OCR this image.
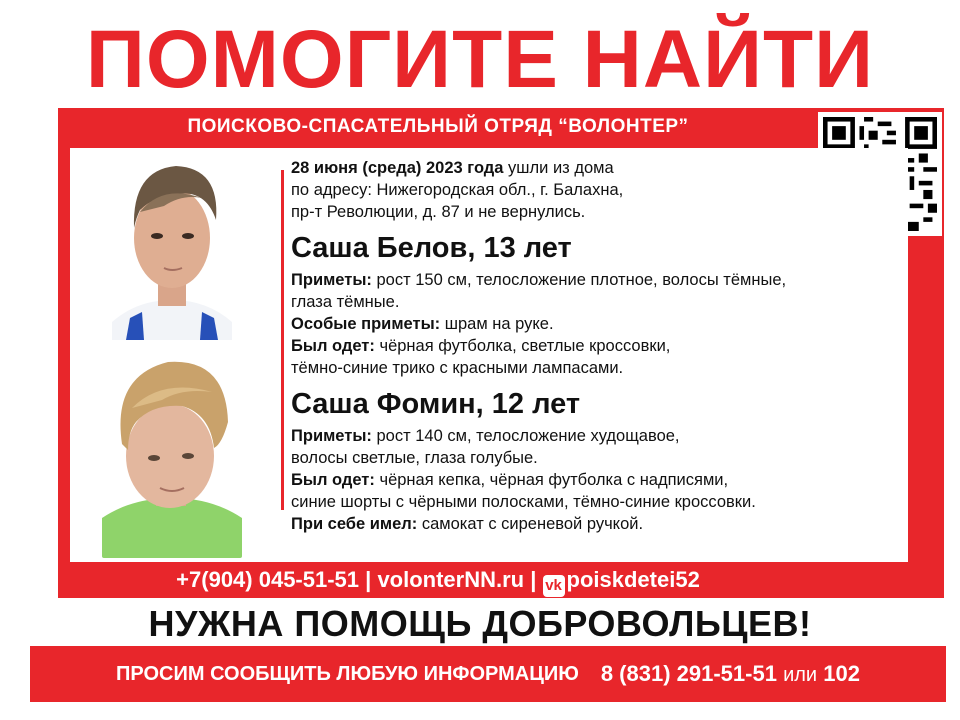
ПОМОГИТЕ НАЙТИ
ПОИСКОВО-СПАСАТЕЛЬНЫЙ ОТРЯД “ВОЛОНТЕР”

28 июня (среда) 2023 года ушли из дома

по адресу: Нижегородская обл., г. Балахна,

пр-т Революции, д. 87 и не вернулись.

Саша Белов, 13 лет

Приметы: рост 150 см, телосложение плотное, волосы тёмные,

глаза тёмные.

Особые приметы: шрам на руке.

Был одет: чёрная футболка, светлые кроссовки,

тёмно-синие трико с красными лампасами.

Саша Фомин, 12 лет

Приметы: рост 140 см, телосложение худощавое,

волосы светлые, глаза голубые.

Был одет: чёрная кепка, чёрная футболка с надписями,

синие шорты с чёрными полосками, тёмно-синие кроссовки.

При себе имел: самокат с сиреневой ручкой.

+7(904) 045-51-51 | volonterNN.ru | vk poiskdetei52
НУЖНА ПОМОЩЬ ДОБРОВОЛЬЦЕВ!
ПРОСИМ СООБЩИТЬ ЛЮБУЮ ИНФОРМАЦИЮ 8 (831) 291-51-51 или 102
